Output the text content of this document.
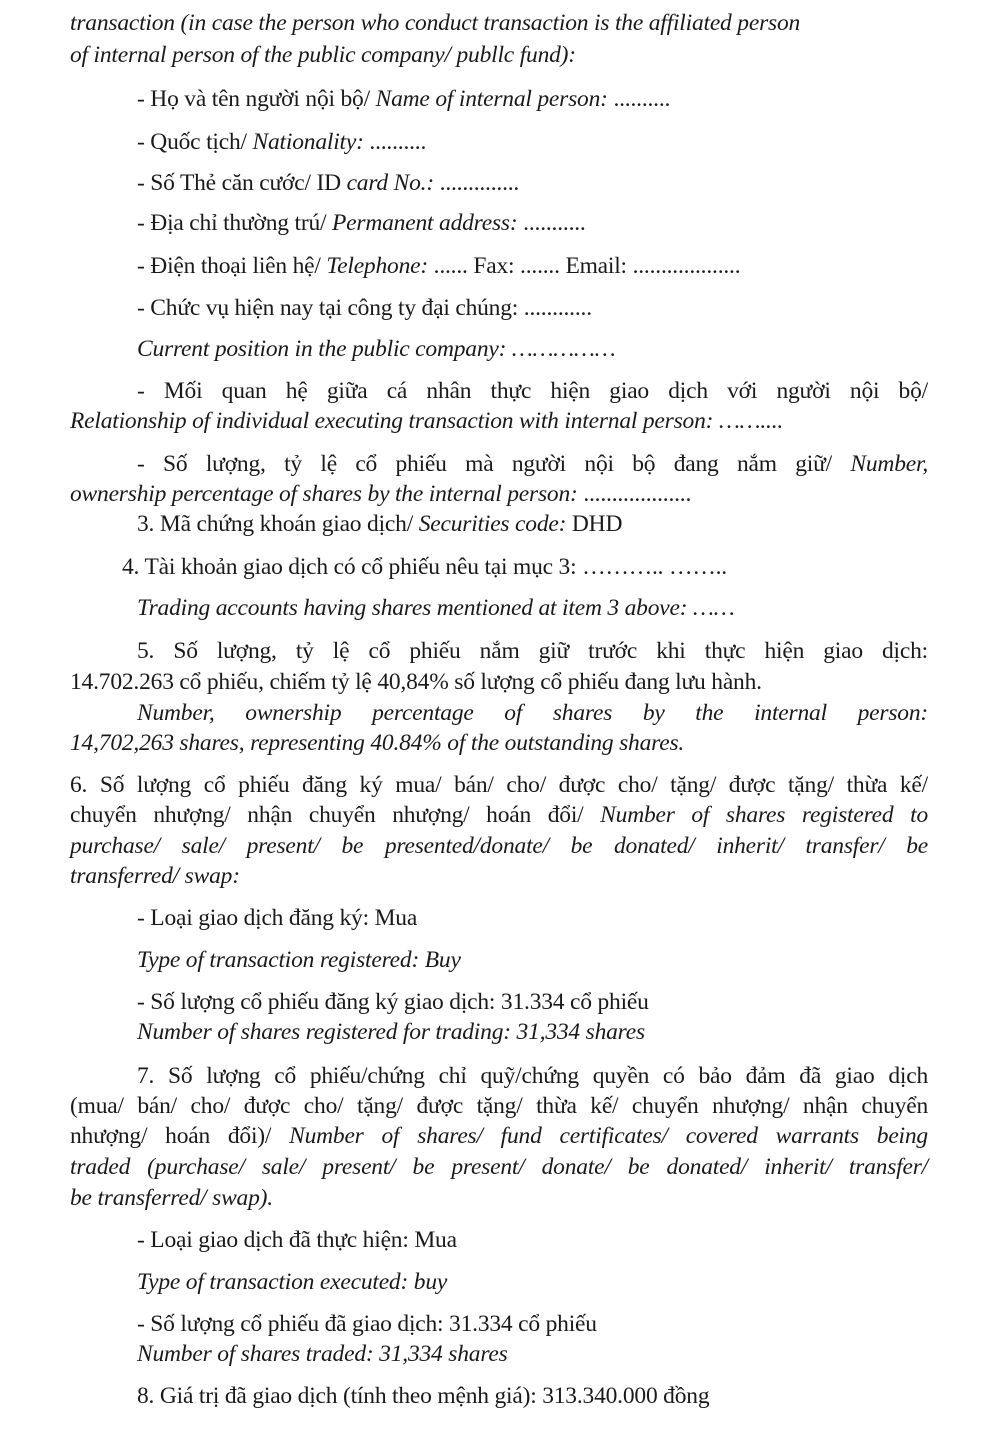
transaction (in case the person who conduct transaction is the affiliated person
of internal person of the public company/ publlc fund):
- Họ và tên người nội bộ/ Name of internal person: ..........
- Quốc tịch/ Nationality: ..........
- Số Thẻ căn cước/ ID card No.: ..............
- Địa chỉ thường trú/ Permanent address: ...........
- Điện thoại liên hệ/ Telephone: ...... Fax: ....... Email: ...................
- Chức vụ hiện nay tại công ty đại chúng: ............
Current position in the public company: ……………
- Mối quan hệ giữa cá nhân thực hiện giao dịch với người nội bộ/
Relationship of individual executing transaction with internal person: ……....
- Số lượng, tỷ lệ cổ phiếu mà người nội bộ đang nắm giữ/ Number,
ownership percentage of shares by the internal person: ...................
3. Mã chứng khoán giao dịch/ Securities code: DHD
4. Tài khoản giao dịch có cổ phiếu nêu tại mục 3: ……….. ……..
Trading accounts having shares mentioned at item 3 above: ……
5. Số lượng, tỷ lệ cổ phiếu nắm giữ trước khi thực hiện giao dịch:
14.702.263 cổ phiếu, chiếm tỷ lệ 40,84% số lượng cổ phiếu đang lưu hành.
Number, ownership percentage of shares by the internal person:
14,702,263 shares, representing 40.84% of the outstanding shares.
6. Số lượng cổ phiếu đăng ký mua/ bán/ cho/ được cho/ tặng/ được tặng/ thừa kế/
chuyển nhượng/ nhận chuyển nhượng/ hoán đổi/ Number of shares registered to
purchase/ sale/ present/ be presented/donate/ be donated/ inherit/ transfer/ be
transferred/ swap:
- Loại giao dịch đăng ký: Mua
Type of transaction registered: Buy
- Số lượng cổ phiếu đăng ký giao dịch: 31.334 cổ phiếu
Number of shares registered for trading: 31,334 shares
7. Số lượng cổ phiếu/chứng chỉ quỹ/chứng quyền có bảo đảm đã giao dịch
(mua/ bán/ cho/ được cho/ tặng/ được tặng/ thừa kế/ chuyển nhượng/ nhận chuyển
nhượng/ hoán đổi)/ Number of shares/ fund certificates/ covered warrants being
traded (purchase/ sale/ present/ be present/ donate/ be donated/ inherit/ transfer/
be transferred/ swap).
- Loại giao dịch đã thực hiện: Mua
Type of transaction executed: buy
- Số lượng cổ phiếu đã giao dịch: 31.334 cổ phiếu
Number of shares traded: 31,334 shares
8. Giá trị đã giao dịch (tính theo mệnh giá): 313.340.000 đồng
